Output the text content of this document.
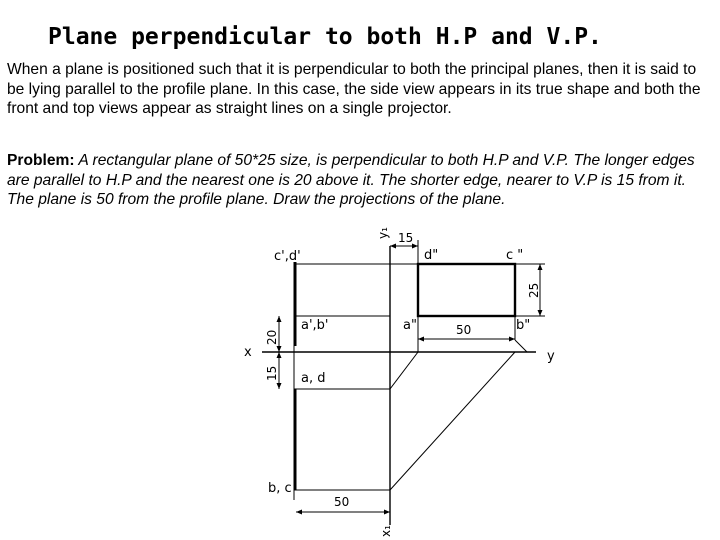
Plane perpendicular to both H.P and V.P.

When a plane is positioned such that it is perpendicular to both the principal planes, then it is said to be lying parallel to the profile plane. In this case, the side view appears in its true shape and both the front and top views appear as straight lines on a single projector.

Problem: A rectangular plane of 50*25 size, is perpendicular to both H.P and V.P. The longer edges are parallel to H.P and the nearest one is 20 above it. The shorter edge, nearer to V.P is 15 from it. The plane is 50 from the profile plane. Draw the projections of the plane.

x	y
y₁
x₁
15
25
50
20
15
50
c',d'
a',b'
a, d
b, c
d"	c "
a"	b"
